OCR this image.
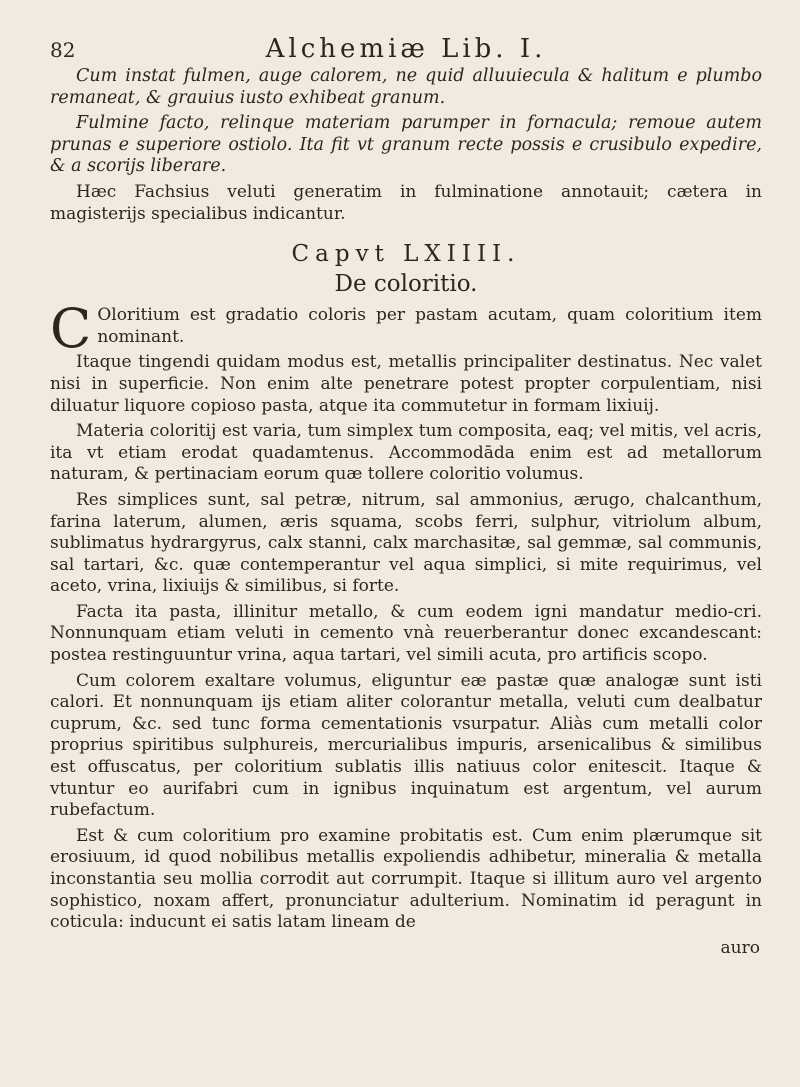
82	Alchemiæ Lib. I.

Cum instat fulmen, auge calorem, ne quid alluuiecula & halitum e plumbo remaneat, & grauius iusto exhibeat granum.

Fulmine facto, relinque materiam parumper in fornacula; remoue autem prunas e superiore ostiolo. Ita fit vt granum recte possis e crusibulo expedire, & a scorijs liberare.

Hæc Fachsius veluti generatim in fulminatione annotauit; cætera in magisterijs specialibus indicantur.

Capvt LXIIII.
De coloritio.

C Oloritium est gradatio coloris per pastam acutam, quam coloritium item nominant.

Itaque tingendi quidam modus est, metallis principaliter destinatus. Nec valet nisi in superficie. Non enim alte penetrare potest propter corpulentiam, nisi diluatur liquore copioso pasta, atque ita commutetur in formam lixiuij.

Materia coloritij est varia, tum simplex tum composita, eaq; vel mitis, vel acris, ita vt etiam erodat quadamtenus. Accommodāda enim est ad metallorum naturam, & pertinaciam eorum quæ tollere coloritio volumus.

Res simplices sunt, sal petræ, nitrum, sal ammonius, ærugo, chalcanthum, farina laterum, alumen, æris squama, scobs ferri, sulphur, vitriolum album, sublimatus hydrargyrus, calx stanni, calx marchasitæ, sal gemmæ, sal communis, sal tartari, &c. quæ contemperantur vel aqua simplici, si mite requirimus, vel aceto, vrina, lixiuijs & similibus, si forte.

Facta ita pasta, illinitur metallo, & cum eodem igni mandatur medio-cri. Nonnunquam etiam veluti in cemento vnà reuerberantur donec excandescant: postea restinguuntur vrina, aqua tartari, vel simili acuta, pro artificis scopo.

Cum colorem exaltare volumus, eliguntur eæ pastæ quæ analogæ sunt isti calori. Et nonnunquam ijs etiam aliter colorantur metalla, veluti cum dealbatur cuprum, &c. sed tunc forma cementationis vsurpatur. Aliàs cum metalli color proprius spiritibus sulphureis, mercurialibus impuris, arsenicalibus & similibus est offuscatus, per coloritium sublatis illis natiuus color enitescit. Itaque & vtuntur eo aurifabri cum in ignibus inquinatum est argentum, vel aurum rubefactum.

Est & cum coloritium pro examine probitatis est. Cum enim plærumque sit erosiuum, id quod nobilibus metallis expoliendis adhibetur, mineralia & metalla inconstantia seu mollia corrodit aut corrumpit. Itaque si illitum auro vel argento sophistico, noxam affert, pronunciatur adulterium. Nominatim id peragunt in coticula: inducunt ei satis latam lineam de

auro
